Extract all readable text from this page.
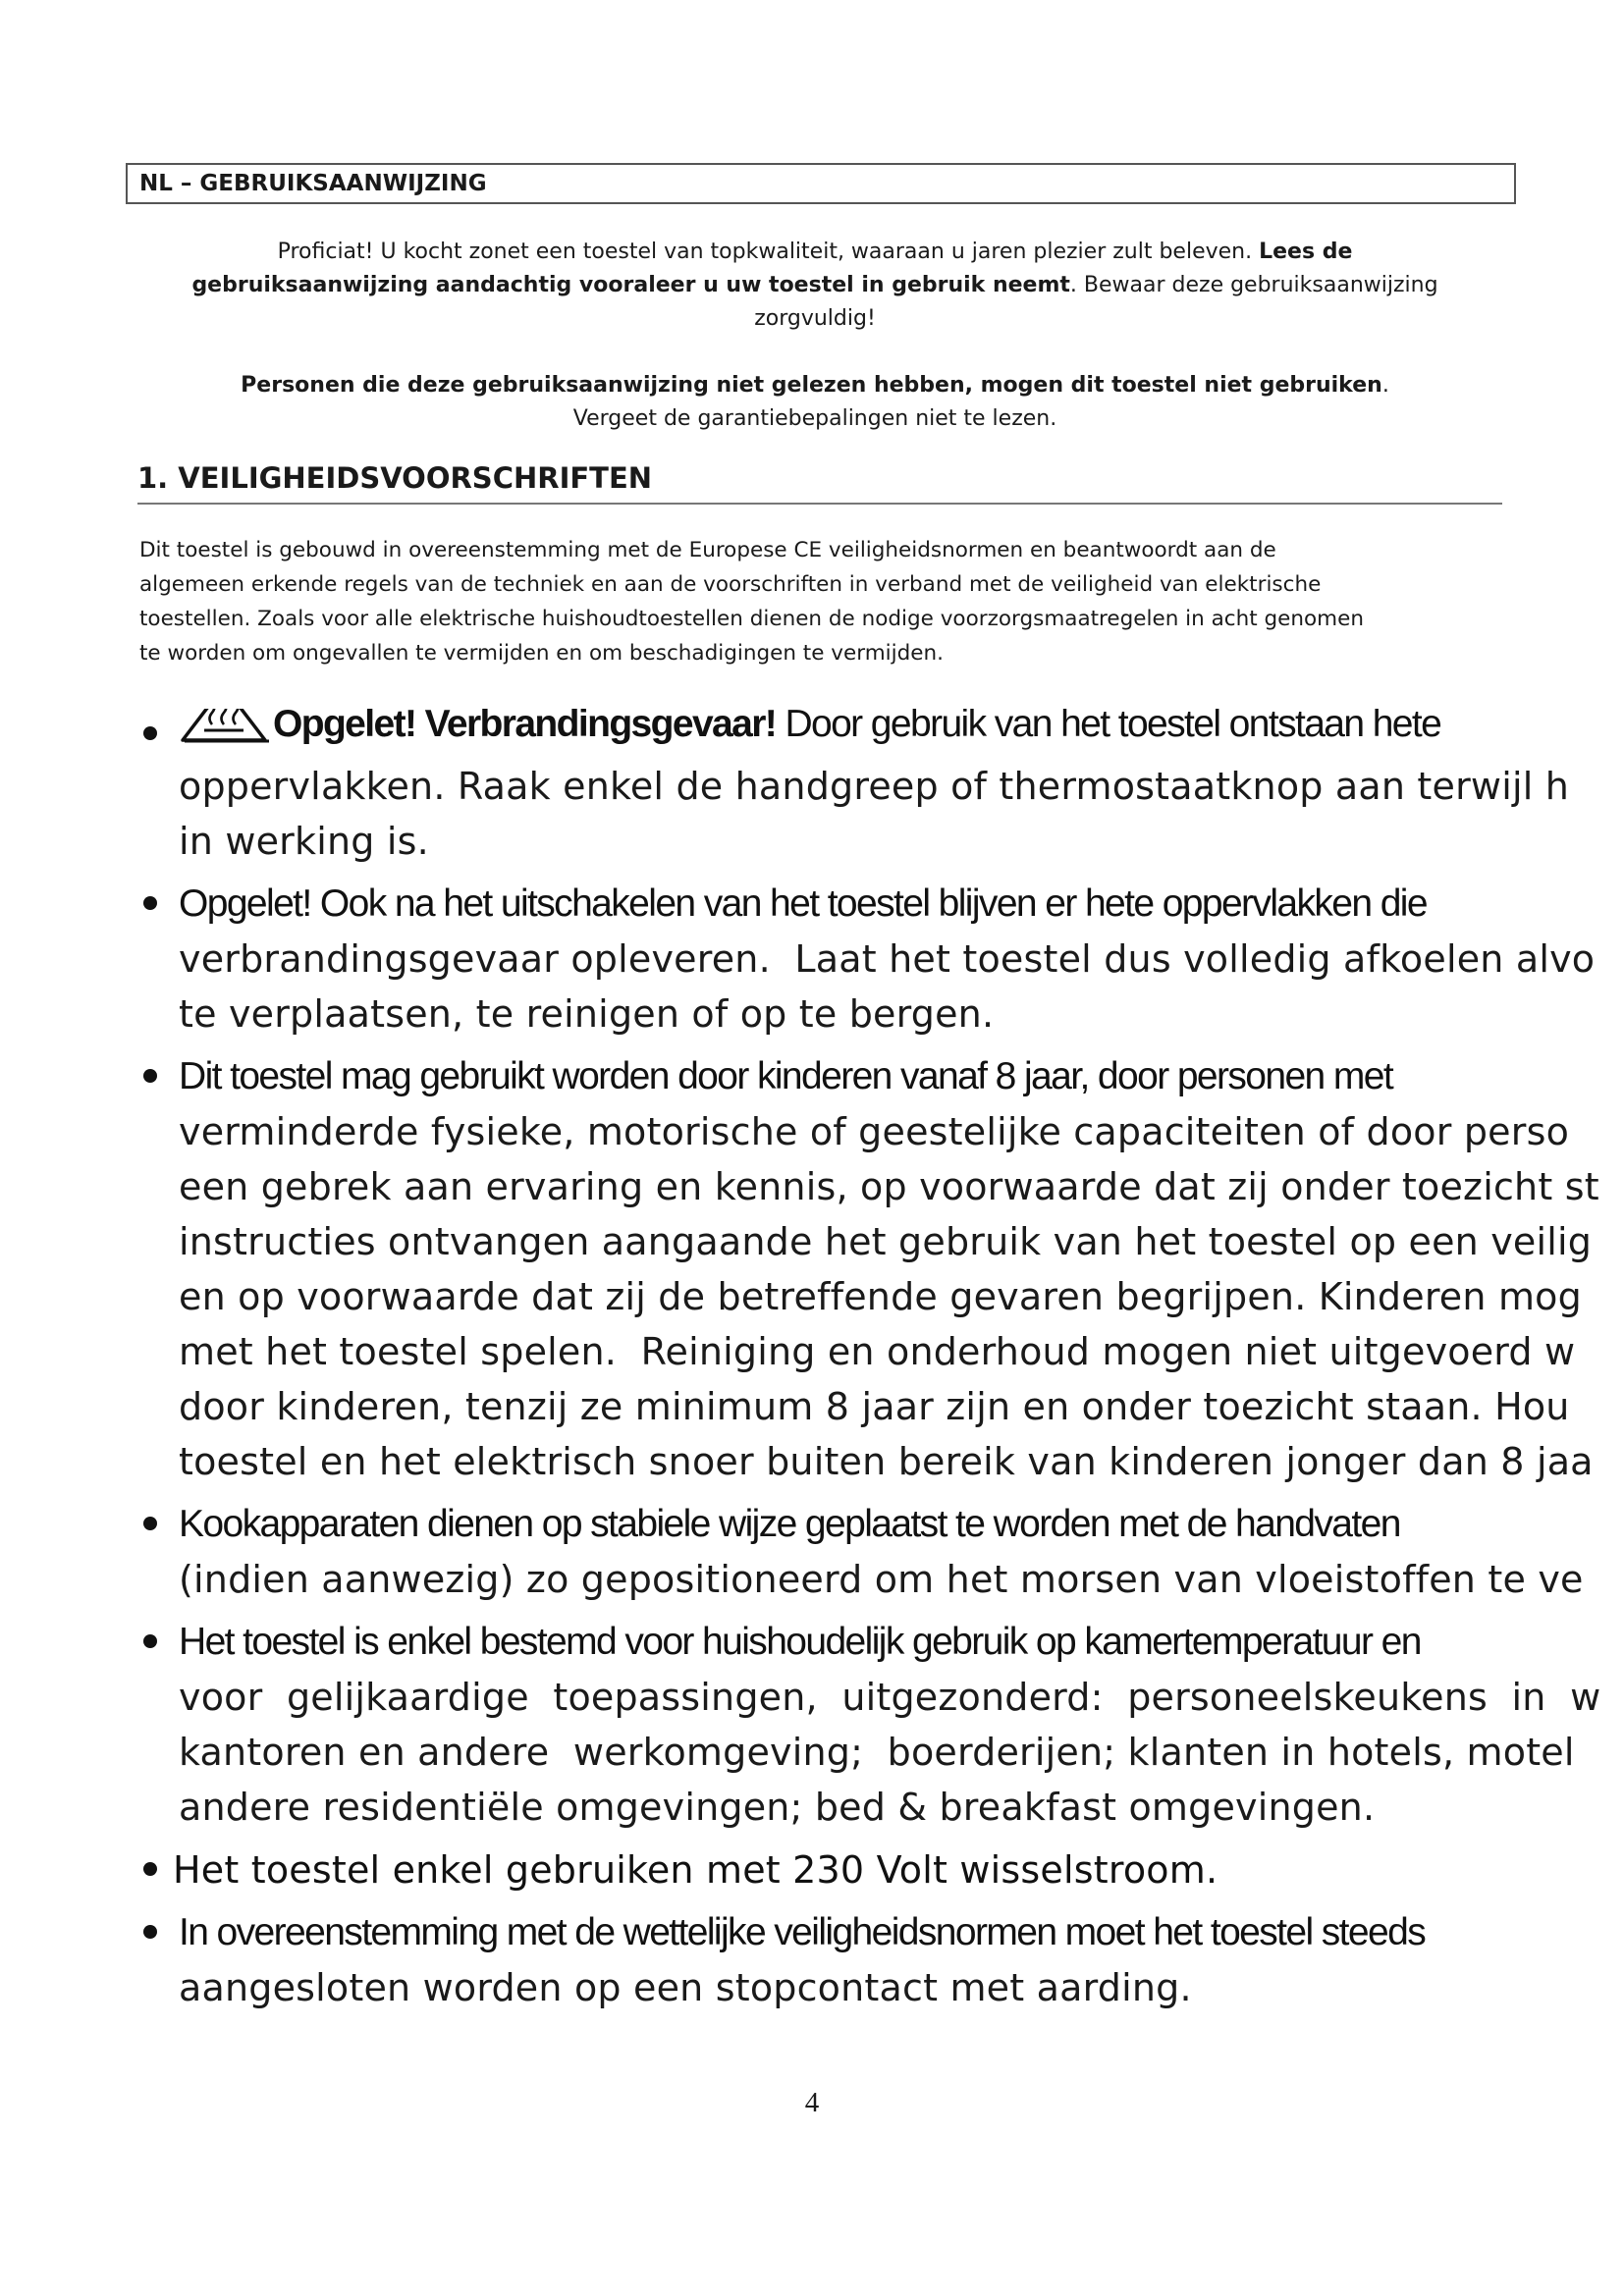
NL – GEBRUIKSAANWIJZING
Proficiat! U kocht zonet een toestel van topkwaliteit, waaraan u jaren plezier zult beleven. Lees de
gebruiksaanwijzing aandachtig vooraleer u uw toestel in gebruik neemt. Bewaar deze gebruiksaanwijzing
zorgvuldig!
Personen die deze gebruiksaanwijzing niet gelezen hebben, mogen dit toestel niet gebruiken.
Vergeet de garantiebepalingen niet te lezen.
1. VEILIGHEIDSVOORSCHRIFTEN
Dit toestel is gebouwd in overeenstemming met de Europese CE veiligheidsnormen en beantwoordt aan de
algemeen erkende regels van de techniek en aan de voorschriften in verband met de veiligheid van elektrische
toestellen. Zoals voor alle elektrische huishoudtoestellen dienen de nodige voorzorgsmaatregelen in acht genomen
te worden om ongevallen te vermijden en om beschadigingen te vermijden.
Opgelet! Verbrandingsgevaar! Door gebruik van het toestel ontstaan hete
oppervlakken. Raak enkel de handgreep of thermostaatknop aan terwijl h
in werking is.
Opgelet! Ook na het uitschakelen van het toestel blijven er hete oppervlakken die
verbrandingsgevaar opleveren.  Laat het toestel dus volledig afkoelen alvo
te verplaatsen, te reinigen of op te bergen.
Dit toestel mag gebruikt worden door kinderen vanaf 8 jaar, door personen met
verminderde fysieke, motorische of geestelijke capaciteiten of door perso
een gebrek aan ervaring en kennis, op voorwaarde dat zij onder toezicht st
instructies ontvangen aangaande het gebruik van het toestel op een veilig
en op voorwaarde dat zij de betreffende gevaren begrijpen. Kinderen mog
met het toestel spelen.  Reiniging en onderhoud mogen niet uitgevoerd w
door kinderen, tenzij ze minimum 8 jaar zijn en onder toezicht staan. Hou
toestel en het elektrisch snoer buiten bereik van kinderen jonger dan 8 jaa
Kookapparaten dienen op stabiele wijze geplaatst te worden met de handvaten
(indien aanwezig) zo gepositioneerd om het morsen van vloeistoffen te ve
Het toestel is enkel bestemd voor huishoudelijk gebruik op kamertemperatuur en
voor  gelijkaardige  toepassingen,  uitgezonderd:  personeelskeukens  in  w
kantoren en andere  werkomgeving;  boerderijen; klanten in hotels, motel
andere residentiële omgevingen; bed & breakfast omgevingen.
Het toestel enkel gebruiken met 230 Volt wisselstroom.
In overeenstemming met de wettelijke veiligheidsnormen moet het toestel steeds
aangesloten worden op een stopcontact met aarding.
4
